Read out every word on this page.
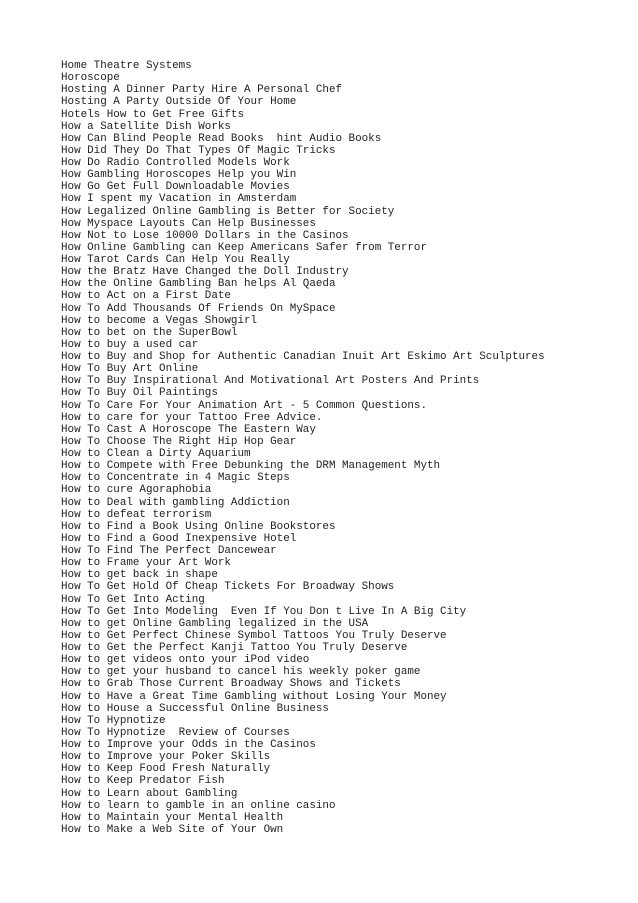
Home Theatre Systems
Horoscope
Hosting A Dinner Party Hire A Personal Chef
Hosting A Party Outside Of Your Home
Hotels How to Get Free Gifts
How a Satellite Dish Works
How Can Blind People Read Books  hint Audio Books
How Did They Do That Types Of Magic Tricks
How Do Radio Controlled Models Work
How Gambling Horoscopes Help you Win
How Go Get Full Downloadable Movies
How I spent my Vacation in Amsterdam
How Legalized Online Gambling is Better for Society
How Myspace Layouts Can Help Businesses
How Not to Lose 10000 Dollars in the Casinos
How Online Gambling can Keep Americans Safer from Terror
How Tarot Cards Can Help You Really
How the Bratz Have Changed the Doll Industry
How the Online Gambling Ban helps Al Qaeda
How to Act on a First Date
How To Add Thousands Of Friends On MySpace
How to become a Vegas Showgirl
How to bet on the SuperBowl
How to buy a used car
How to Buy and Shop for Authentic Canadian Inuit Art Eskimo Art Sculptures
How To Buy Art Online
How To Buy Inspirational And Motivational Art Posters And Prints
How To Buy Oil Paintings
How To Care For Your Animation Art - 5 Common Questions.
How to care for your Tattoo Free Advice.
How To Cast A Horoscope The Eastern Way
How To Choose The Right Hip Hop Gear
How to Clean a Dirty Aquarium
How to Compete with Free Debunking the DRM Management Myth
How to Concentrate in 4 Magic Steps
How to cure Agoraphobia
How to Deal with gambling Addiction
How to defeat terrorism
How to Find a Book Using Online Bookstores
How to Find a Good Inexpensive Hotel
How To Find The Perfect Dancewear
How to Frame your Art Work
How to get back in shape
How To Get Hold Of Cheap Tickets For Broadway Shows
How To Get Into Acting
How To Get Into Modeling  Even If You Don t Live In A Big City
How to get Online Gambling legalized in the USA
How to Get Perfect Chinese Symbol Tattoos You Truly Deserve
How to Get the Perfect Kanji Tattoo You Truly Deserve
How to get videos onto your iPod video
How to get your husband to cancel his weekly poker game
How to Grab Those Current Broadway Shows and Tickets
How to Have a Great Time Gambling without Losing Your Money
How to House a Successful Online Business
How To Hypnotize
How To Hypnotize  Review of Courses
How to Improve your Odds in the Casinos
How to Improve your Poker Skills
How to Keep Food Fresh Naturally
How to Keep Predator Fish
How to Learn about Gambling
How to learn to gamble in an online casino
How to Maintain your Mental Health
How to Make a Web Site of Your Own
